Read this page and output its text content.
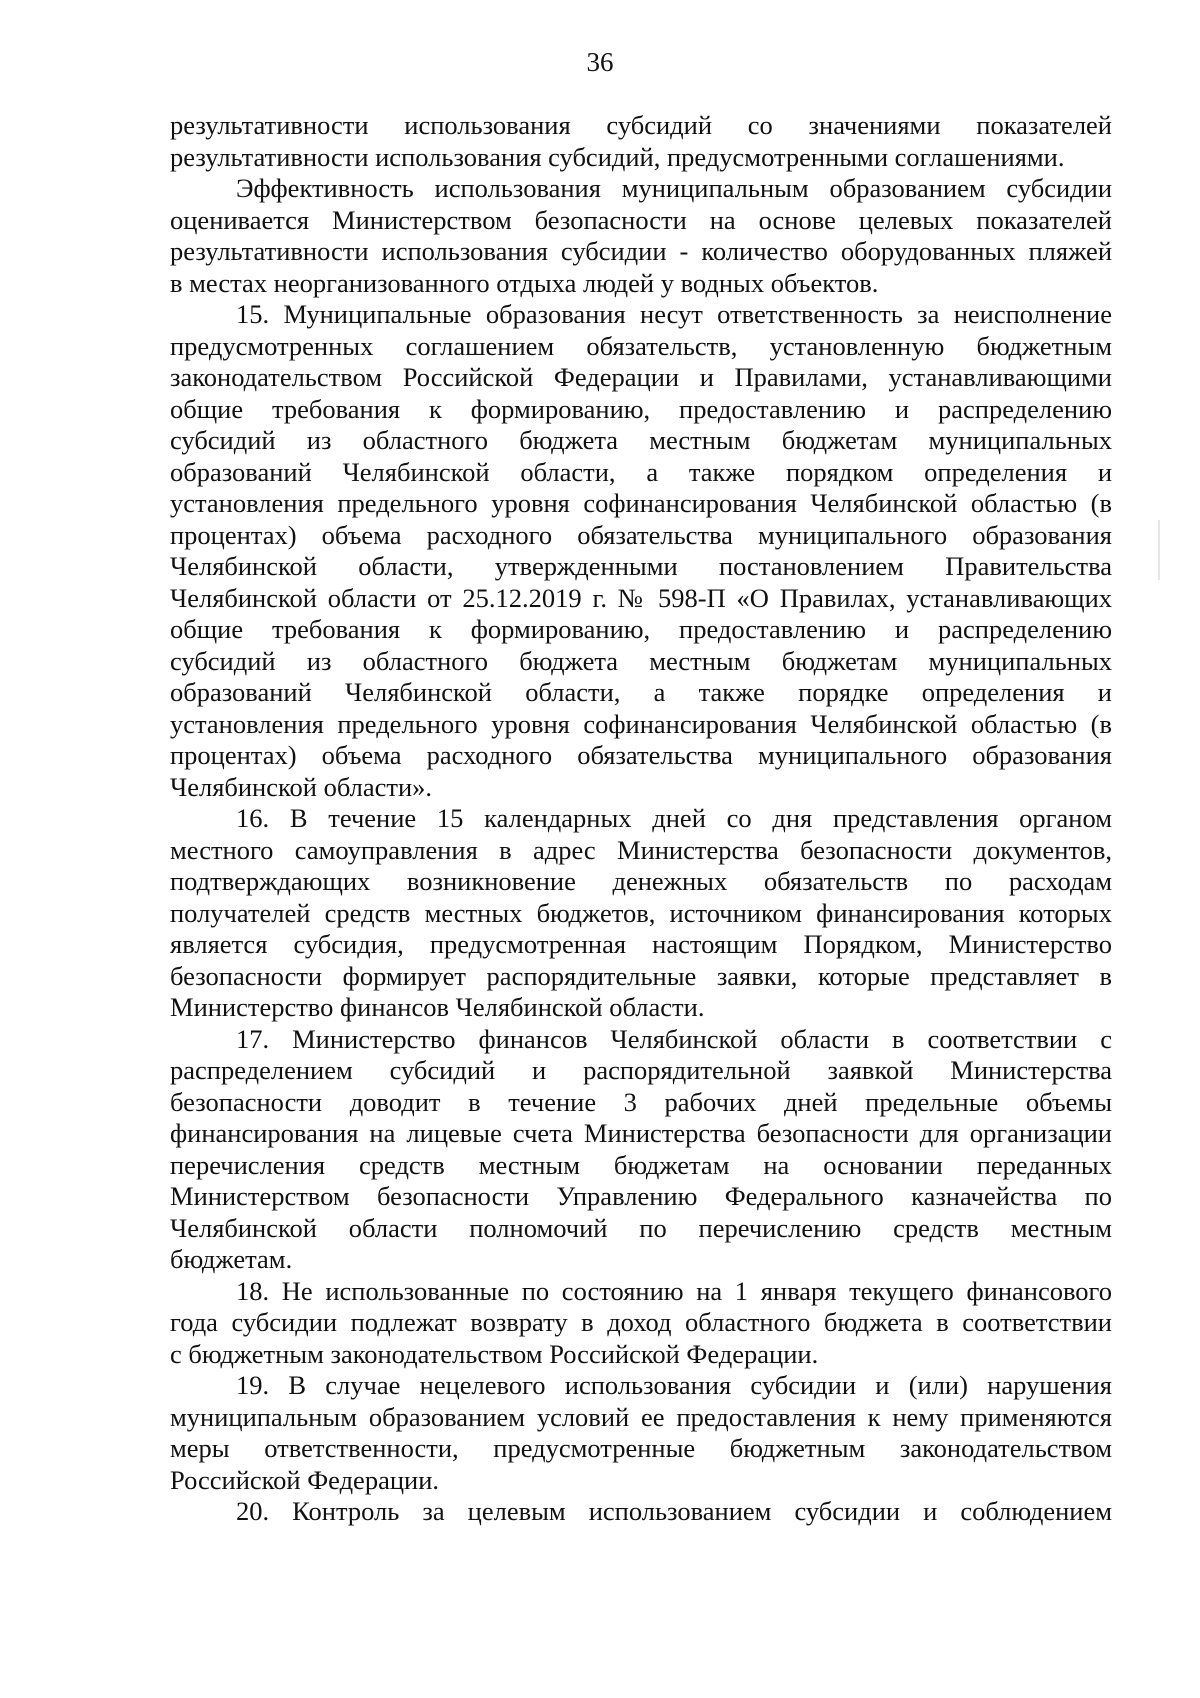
36
результативности использования субсидий со значениями показателей
результативности использования субсидий, предусмотренными соглашениями.
Эффективность использования муниципальным образованием субсидии
оценивается Министерством безопасности на основе целевых показателей
результативности использования субсидии - количество оборудованных пляжей
в местах неорганизованного отдыха людей у водных объектов.
15. Муниципальные образования несут ответственность за неисполнение
предусмотренных соглашением обязательств, установленную бюджетным
законодательством Российской Федерации и Правилами, устанавливающими
общие требования к формированию, предоставлению и распределению
субсидий из областного бюджета местным бюджетам муниципальных
образований Челябинской области, а также порядком определения и
установления предельного уровня софинансирования Челябинской областью (в
процентах) объема расходного обязательства муниципального образования
Челябинской области, утвержденными постановлением Правительства
Челябинской области от 25.12.2019 г. № 598-П «О Правилах, устанавливающих
общие требования к формированию, предоставлению и распределению
субсидий из областного бюджета местным бюджетам муниципальных
образований Челябинской области, а также порядке определения и
установления предельного уровня софинансирования Челябинской областью (в
процентах) объема расходного обязательства муниципального образования
Челябинской области».
16. В течение 15 календарных дней со дня представления органом
местного самоуправления в адрес Министерства безопасности документов,
подтверждающих возникновение денежных обязательств по расходам
получателей средств местных бюджетов, источником финансирования которых
является субсидия, предусмотренная настоящим Порядком, Министерство
безопасности формирует распорядительные заявки, которые представляет в
Министерство финансов Челябинской области.
17. Министерство финансов Челябинской области в соответствии с
распределением субсидий и распорядительной заявкой Министерства
безопасности доводит в течение 3 рабочих дней предельные объемы
финансирования на лицевые счета Министерства безопасности для организации
перечисления средств местным бюджетам на основании переданных
Министерством безопасности Управлению Федерального казначейства по
Челябинской области полномочий по перечислению средств местным
бюджетам.
18. Не использованные по состоянию на 1 января текущего финансового
года субсидии подлежат возврату в доход областного бюджета в соответствии
с бюджетным законодательством Российской Федерации.
19. В случае нецелевого использования субсидии и (или) нарушения
муниципальным образованием условий ее предоставления к нему применяются
меры ответственности, предусмотренные бюджетным законодательством
Российской Федерации.
20. Контроль за целевым использованием субсидии и соблюдением
